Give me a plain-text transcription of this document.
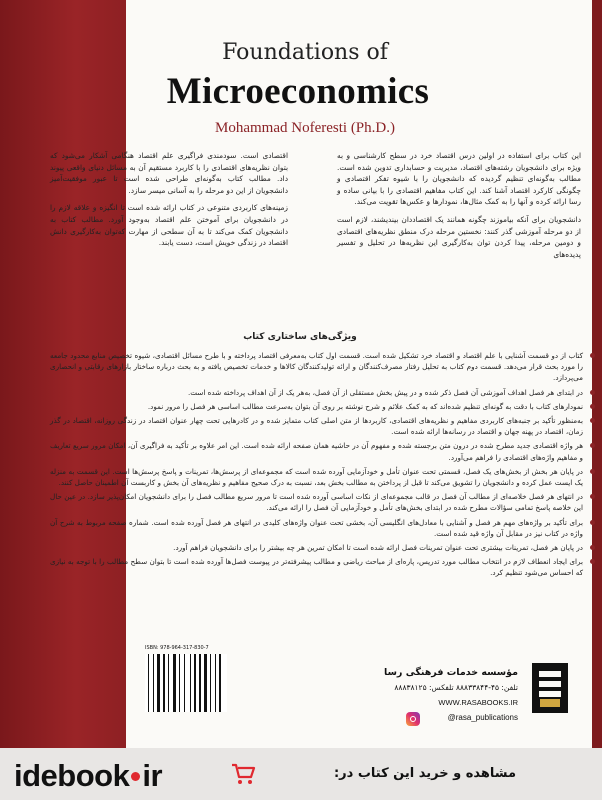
Foundations of
Microeconomics
Mohammad Noferesti (Ph.D.)

این کتاب برای استفاده در اولین درس اقتصاد خرد در سطح کارشناسی و به ویژه برای دانشجویان رشته‌های اقتصاد، مدیریت و حسابداری تدوین شده است. مطالب به‌گونه‌ای تنظیم گردیده که دانشجویان را با شیوه تفکر اقتصادی و چگونگی کارکرد اقتصاد آشنا کند. این کتاب مفاهیم اقتصادی را با بیانی ساده و رسا ارائه کرده و آنها را به کمک مثال‌ها، نمودارها و عکس‌ها تقویت می‌کند.

دانشجویان برای آنکه بیاموزند چگونه همانند یک اقتصاددان بیندیشند، لازم است از دو مرحله آموزشی گذر کنند: نخستین مرحله درک منطق نظریه‌های اقتصادی و دومین مرحله، پیدا کردن توان به‌کارگیری این نظریه‌ها در تحلیل و تفسیر پدیده‌های

اقتصادی است. سودمندی فراگیری علم اقتصاد هنگامی آشکار می‌شود که بتوان نظریه‌های اقتصادی را با کاربرد مستقیم آن به مسائل دنیای واقعی پیوند داد. مطالب کتاب به‌گونه‌ای طراحی شده است تا عبور موفقیت‌آمیز دانشجویان از این دو مرحله را به آسانی میسر سازد.

زمینه‌های کاربردی متنوعی در کتاب ارائه شده است تا انگیزه و علاقه لازم را در دانشجویان برای آموختن علم اقتصاد به‌وجود آورد. مطالب کتاب به دانشجویان کمک می‌کند تا به آن سطحی از مهارت که‌توان به‌کارگیری دانش اقتصاد در زندگی خویش است، دست یابند.

ویژگی‌های ساختاری کتاب
کتاب از دو قسمت آشنایی با علم اقتصاد و اقتصاد خرد تشکیل شده است. قسمت اول کتاب به‌معرفی اقتصاد پرداخته و با طرح مسائل اقتصادی، شیوه تخصیص منابع محدود جامعه را مورد بحث قرار می‌دهد. قسمت دوم کتاب به تحلیل رفتار مصرف‌کنندگان و ارائه تولیدکنندگان کالاها و خدمات تخصیص یافته و به بحث درباره ساختار بازارهای رقابتی و انحصاری می‌پردازد.
در ابتدای هر فصل اهداف آموزشی آن فصل ذکر شده و در پیش بخش مستقلی از آن فصل، به‌هر یک از آن اهداف پرداخته شده است.
نمودارهای کتاب با دقت به گونه‌ای تنظیم شده‌اند که به کمک علائم و شرح نوشته بر روی آن بتوان به‌سرعت مطالب اساسی هر فصل را مرور نمود.
به‌منظور تأکید بر جنبه‌های کاربردی مفاهیم و نظریه‌های اقتصادی، کاربردها از متن اصلی کتاب متمایز شده و در کادرهایی تحت چهار عنوان اقتصاد در زندگی روزانه، اقتصاد در گذر زمان، اقتصاد در پهنه جهان و اقتصاد در رسانه‌ها ارائه شده است.
هر واژه اقتصادی جدید مطرح شده در درون متن برجسته شده و مفهوم آن در حاشیه همان صفحه ارائه شده است. این امر علاوه بر تأکید به فراگیری آن، امکان مرور سریع تعاریف و مفاهیم واژه‌های اقتصادی را فراهم می‌آورد.
در پایان هر بخش از بخش‌های یک فصل، قسمتی تحت عنوان تأمل و خودآزمایی آورده شده است که مجموعه‌ای از پرسش‌ها، تمرینات و پاسخ پرسش‌ها است. این قسمت به منزله یک ایست عمل کرده و دانشجویان را تشویق می‌کند تا قبل از پرداختن به مطالب بخش بعد، نسبت به درک صحیح مفاهیم و نظریه‌های آن بخش و کاربست آن اطمینان حاصل کنند.
در انتهای هر فصل خلاصه‌ای از مطالب آن فصل در قالب مجموعه‌ای از نکات اساسی آورده شده است تا مرور سریع مطالب فصل را برای دانشجویان امکان‌پذیر سازد. در عین حال این خلاصه پاسخ تمامی سؤالات مطرح شده در ابتدای بخش‌های تأمل و خودآزمایی آن فصل را ارائه می‌کند.
برای تأکید بر واژه‌های مهم هر فصل و آشنایی با معادل‌های انگلیسی آن، بخشی تحت عنوان واژه‌های کلیدی در انتهای هر فصل آورده شده است. شماره صفحه مربوط به شرح آن واژه در کتاب نیز در مقابل آن واژه قید شده است.
در پایان هر فصل، تمرینات بیشتری تحت عنوان تمرینات فصل ارائه شده است تا امکان تمرین هر چه بیشتر را برای دانشجویان فراهم آورد.
برای ایجاد انعطاف لازم در انتخاب مطالب مورد تدریس، پاره‌ای از مباحث ریاضی و مطالب پیشرفته‌تر در پیوست فصل‌ها آورده شده است تا بتوان سطح مطالب را با توجه به نیازی که احساس می‌شود تنظیم کرد.
ISBN: 978-964-317-830-7
مؤسسه خدمات فرهنگی رسا
تلفن: ۴۵-۸۸۸۳۳۸۴۴ تلفکس: ۸۸۸۳۸۱۲۵
WWW.RASABOOKS.IR
@rasa_publications
idebook ir	مشاهده و خرید این کتاب در:
